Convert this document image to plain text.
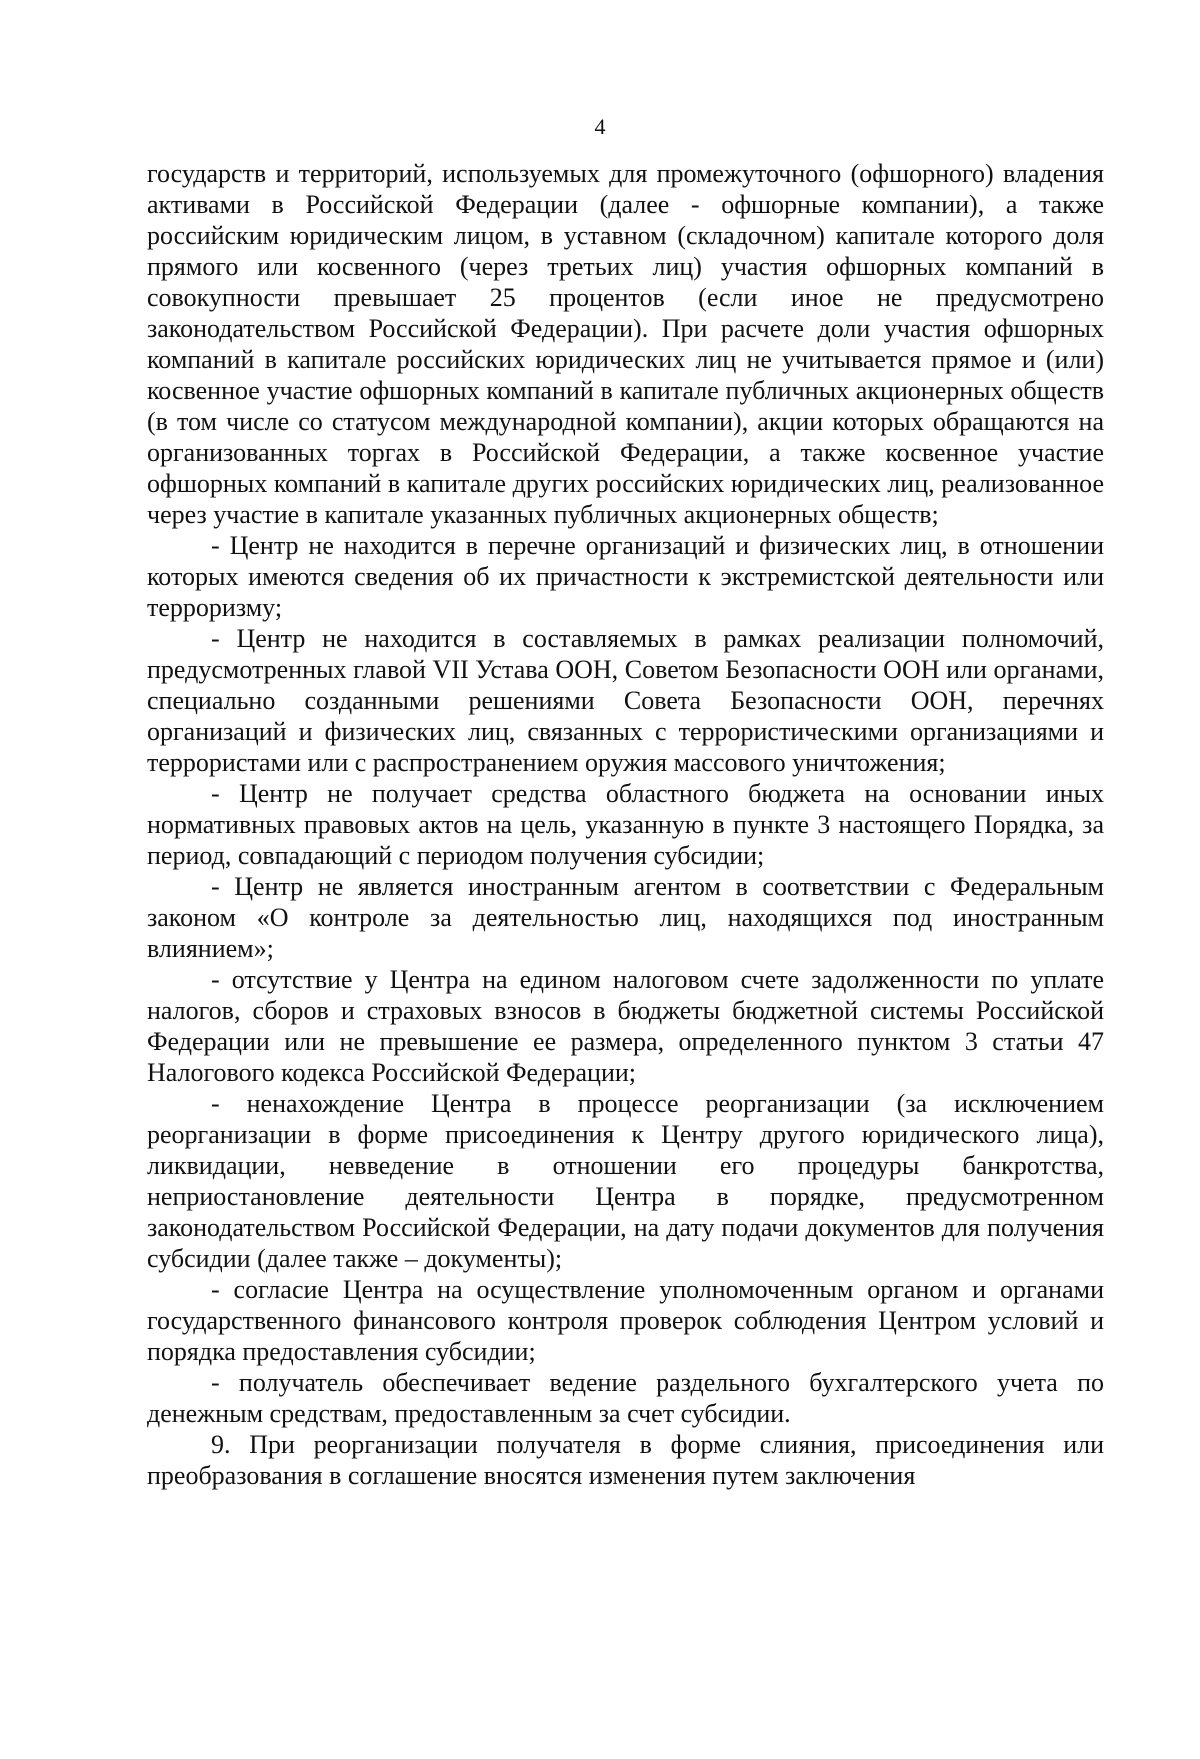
4

государств и территорий, используемых для промежуточного (офшорного) владения активами в Российской Федерации (далее - офшорные компании), а также российским юридическим лицом, в уставном (складочном) капитале которого доля прямого или косвенного (через третьих лиц) участия офшорных компаний в совокупности превышает 25 процентов (если иное не предусмотрено законодательством Российской Федерации). При расчете доли участия офшорных компаний в капитале российских юридических лиц не учитывается прямое и (или) косвенное участие офшорных компаний в капитале публичных акционерных обществ (в том числе со статусом международной компании), акции которых обращаются на организованных торгах в Российской Федерации, а также косвенное участие офшорных компаний в капитале других российских юридических лиц, реализованное через участие в капитале указанных публичных акционерных обществ;

- Центр не находится в перечне организаций и физических лиц, в отношении которых имеются сведения об их причастности к экстремистской деятельности или терроризму;

- Центр не находится в составляемых в рамках реализации полномочий, предусмотренных главой VII Устава ООН, Советом Безопасности ООН или органами, специально созданными решениями Совета Безопасности ООН, перечнях организаций и физических лиц, связанных с террористическими организациями и террористами или с распространением оружия массового уничтожения;

- Центр не получает средства областного бюджета на основании иных нормативных правовых актов на цель, указанную в пункте 3 настоящего Порядка, за период, совпадающий с периодом получения субсидии;

- Центр не является иностранным агентом в соответствии с Федеральным законом «О контроле за деятельностью лиц, находящихся под иностранным влиянием»;

- отсутствие у Центра на едином налоговом счете задолженности по уплате налогов, сборов и страховых взносов в бюджеты бюджетной системы Российской Федерации или не превышение ее размера, определенного пунктом 3 статьи 47 Налогового кодекса Российской Федерации;

- ненахождение Центра в процессе реорганизации (за исключением реорганизации в форме присоединения к Центру другого юридического лица), ликвидации, невведение в отношении его процедуры банкротства, неприостановление деятельности Центра в порядке, предусмотренном законодательством Российской Федерации, на дату подачи документов для получения субсидии (далее также – документы);

- согласие Центра на осуществление уполномоченным органом и органами государственного финансового контроля проверок соблюдения Центром условий и порядка предоставления субсидии;

- получатель обеспечивает ведение раздельного бухгалтерского учета по денежным средствам, предоставленным за счет субсидии.

9. При реорганизации получателя в форме слияния, присоединения или преобразования в соглашение вносятся изменения путем заключения
